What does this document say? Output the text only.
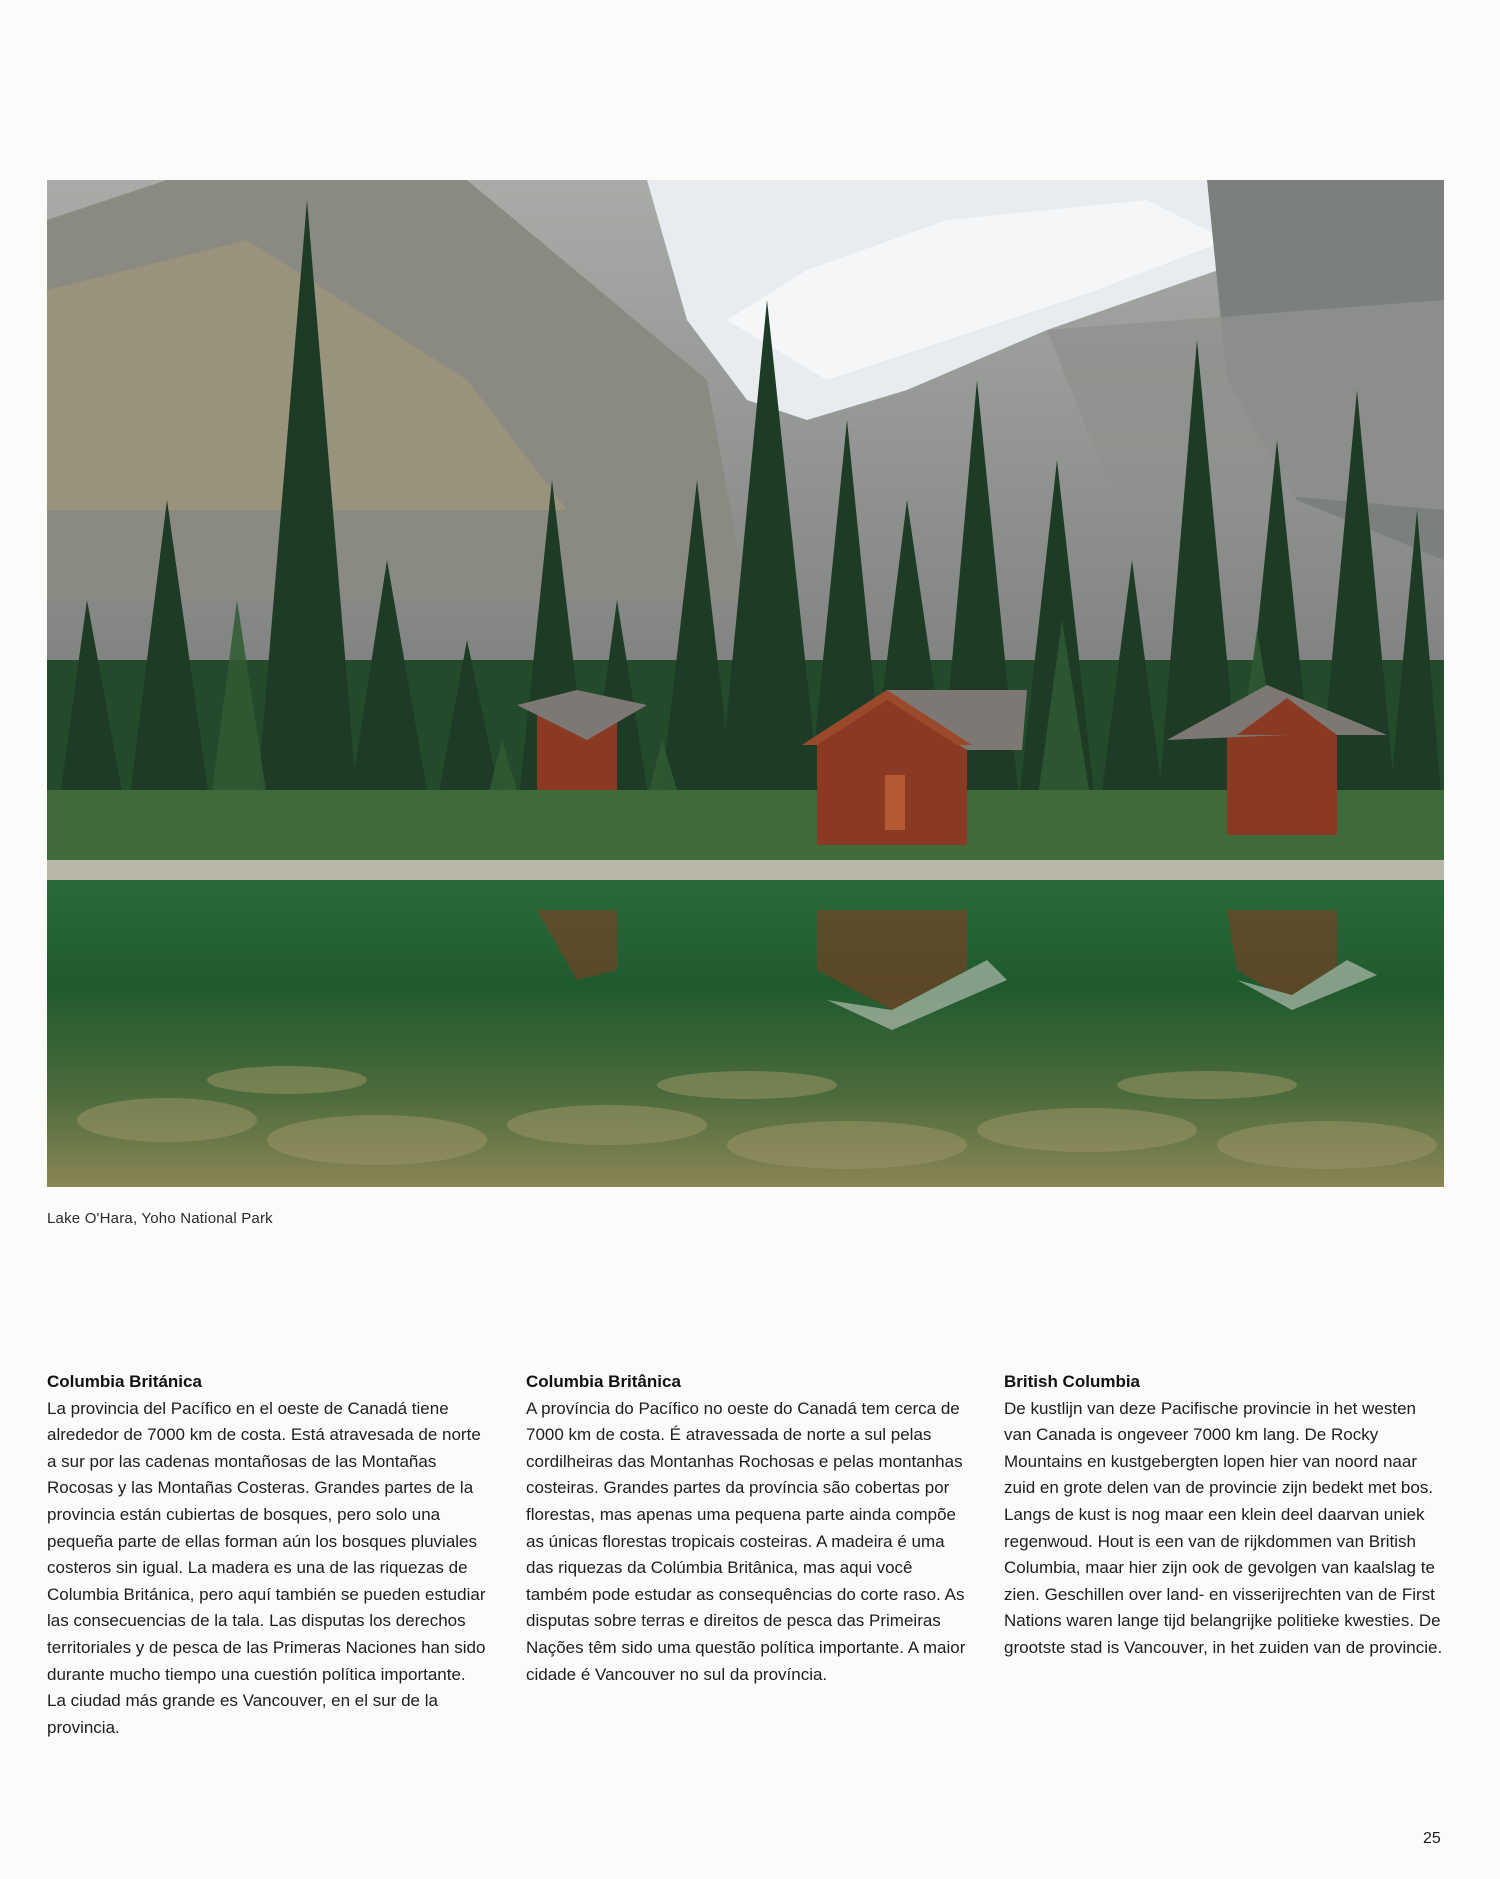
Lake O'Hara, Yoho National Park
Columbia Británica

La provincia del Pacífico en el oeste de Canadá tiene alrededor de 7000 km de costa. Está atravesada de norte a sur por las cadenas montañosas de las Montañas Rocosas y las Montañas Costeras. Grandes partes de la provincia están cubiertas de bosques, pero solo una pequeña parte de ellas forman aún los bosques pluviales costeros sin igual. La madera es una de las riquezas de Columbia Británica, pero aquí también se pueden estudiar las consecuencias de la tala. Las disputas los derechos territoriales y de pesca de las Primeras Naciones han sido durante mucho tiempo una cuestión política importante. La ciudad más grande es Vancouver, en el sur de la provincia.

Columbia Britânica

A província do Pacífico no oeste do Canadá tem cerca de 7000 km de costa. É atravessada de norte a sul pelas cordilheiras das Montanhas Rochosas e pelas montanhas costeiras. Grandes partes da província são cobertas por florestas, mas apenas uma pequena parte ainda compõe as únicas florestas tropicais costeiras. A madeira é uma das riquezas da Colúmbia Britânica, mas aqui você também pode estudar as consequências do corte raso. As disputas sobre terras e direitos de pesca das Primeiras Nações têm sido uma questão política importante. A maior cidade é Vancouver no sul da província.

British Columbia

De kustlijn van deze Pacifische provincie in het westen van Canada is ongeveer 7000 km lang. De Rocky Mountains en kustgebergten lopen hier van noord naar zuid en grote delen van de provincie zijn bedekt met bos. Langs de kust is nog maar een klein deel daarvan uniek regenwoud. Hout is een van de rijkdommen van British Columbia, maar hier zijn ook de gevolgen van kaalslag te zien. Geschillen over land- en visserijrechten van de First Nations waren lange tijd belangrijke politieke kwesties. De grootste stad is Vancouver, in het zuiden van de provincie.

25
